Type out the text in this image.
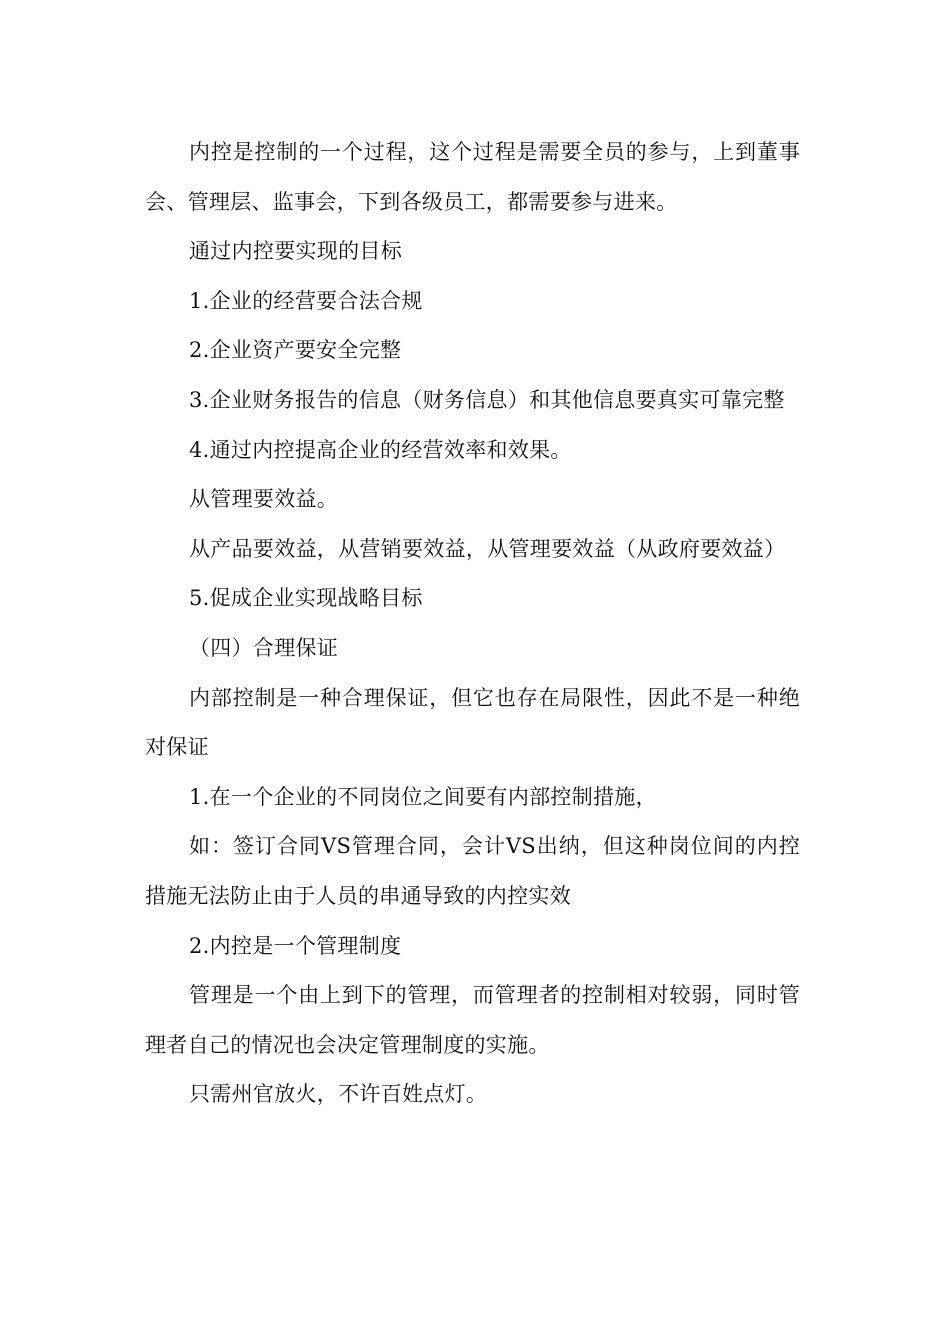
内控是控制的一个过程，这个过程是需要全员的参与，上到董事会、管理层、监事会，下到各级员工，都需要参与进来。

通过内控要实现的目标

1.企业的经营要合法合规

2.企业资产要安全完整

3.企业财务报告的信息（财务信息）和其他信息要真实可靠完整

4.通过内控提高企业的经营效率和效果。

从管理要效益。

从产品要效益，从营销要效益，从管理要效益（从政府要效益）

5.促成企业实现战略目标

（四）合理保证

内部控制是一种合理保证，但它也存在局限性，因此不是一种绝对保证

1.在一个企业的不同岗位之间要有内部控制措施，

如：签订合同VS管理合同，会计VS出纳，但这种岗位间的内控措施无法防止由于人员的串通导致的内控实效

2.内控是一个管理制度

管理是一个由上到下的管理，而管理者的控制相对较弱，同时管理者自己的情况也会决定管理制度的实施。

只需州官放火，不许百姓点灯。
